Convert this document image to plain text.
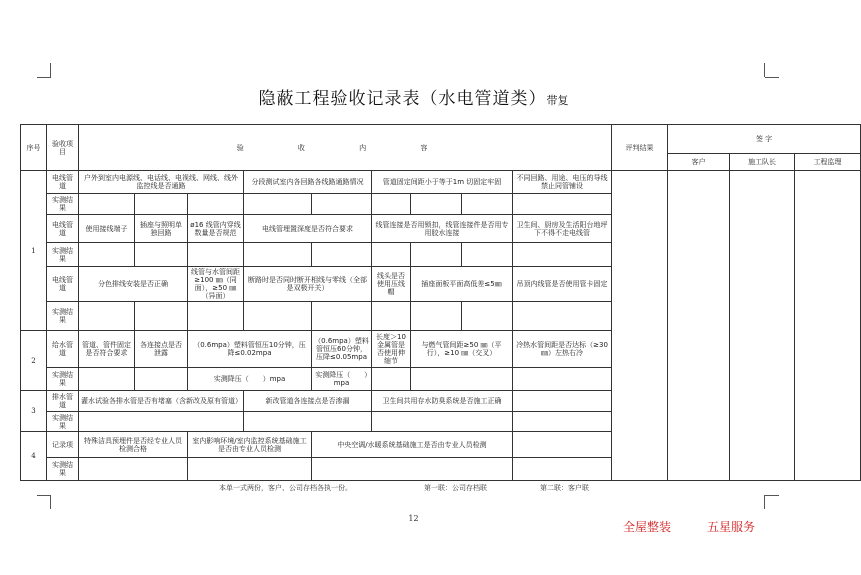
隐蔽工程验收记录表（水电管道类）带复
序号	验收项目	验 收 内 容									评判结果	签 字		
												客户	施工队长	工程监理
1	电线管道	户外到室内电源线、电话线、电视线、网线、线外监控线是否通路			分段测试室内各回路各线路通路情况		管道固定间距小于等于1m 切固定牢固			不同回路、用途、电压的导线禁止同管铺设				
	实测结果													
	电线管道	使用接线端子	插座与照明单独回路	ø16 线管内穿线数量是否规范	电线管埋置深度是否符合要求		线管连接是否用锁扣，线管连接件是否用专用胶水连接			卫生间、厨房及生活阳台地坪下不得不走电线管				
	实测结果													
	电线管道	分色排线安装是否正确		线管与水管间距≥100 ㎜（同面），≥50 ㎜（异面）	断路时是否同时断开相线与零线（全部是双极开关）		线头是否使用压线帽	插座面板平面高低差≤5㎜		吊顶内线管是否使用管卡固定				
	实测结果													
2	给水管道	管道、管件固定是否符合要求	各连接点是否泄露	（0.6mpa）塑料管恒压10分钟，压降≤0.02mpa		（0.6mpa）塑料管恒压60分钟，压降≤0.05mpa	长度＞10 金属管是否使用伸缩节	与燃气管间距≥50 ㎜（平行），≥10 ㎜（交叉）		冷热水管间距是否达标（≥30 ㎜）左热右冷				
	实测结果			实测降压（　　）mpa		实测降压（　　）mpa								
3	排水管道	灌水试验各排水管是否有堵塞（含新改及原有管道）			新改管道各连接点是否渗漏		卫生间共用存水防臭系统是否施工正确							
	实测结果													
4	记录项	特殊洁具预埋件是否经专业人员检测合格		室内影响环境/室内监控系统基础施工是否由专业人员检测		中央空调/水暖系统基础施工是否由专业人员检测								
	实测结果													
本单一式两份，客户、公司存档各执一份。	第一联：公司存档联	第二联：客户联
12
全屋整装	五星服务
